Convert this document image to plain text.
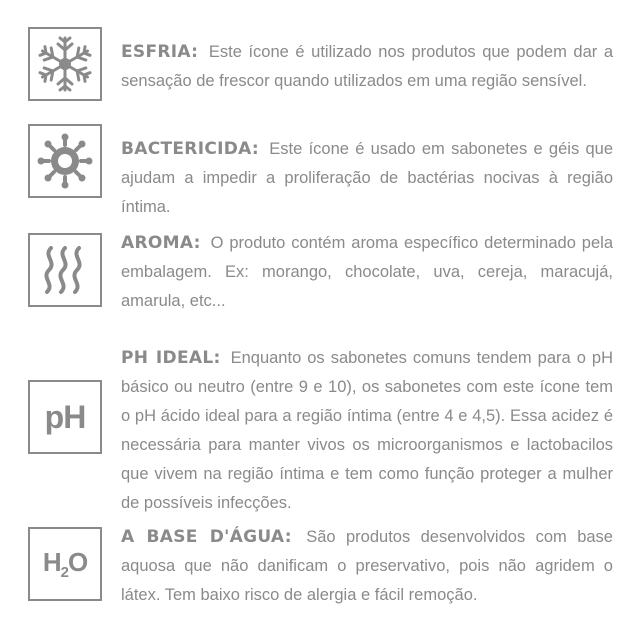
ESFRIA: Este ícone é utilizado nos produtos que podem dar a sensação de frescor quando utilizados em uma região sensível.
BACTERICIDA: Este ícone é usado em sabonetes e géis que ajudam a impedir a proliferação de bactérias nocivas à região íntima.
AROMA: O produto contém aroma específico determinado pela embalagem. Ex: morango, chocolate, uva, cereja, maracujá, amarula, etc...
pH
PH IDEAL: Enquanto os sabonetes comuns tendem para o pH básico ou neutro (entre 9 e 10), os sabonetes com este ícone tem o pH ácido ideal para a região íntima (entre 4 e 4,5). Essa acidez é necessária para manter vivos os microorganismos e lactobacilos que vivem na região íntima e tem como função proteger a mulher de possíveis infecções.
$H_2O$
A BASE D'ÁGUA: São produtos desenvolvidos com base aquosa que não danificam o preservativo, pois não agridem o látex. Tem baixo risco de alergia e fácil remoção.
